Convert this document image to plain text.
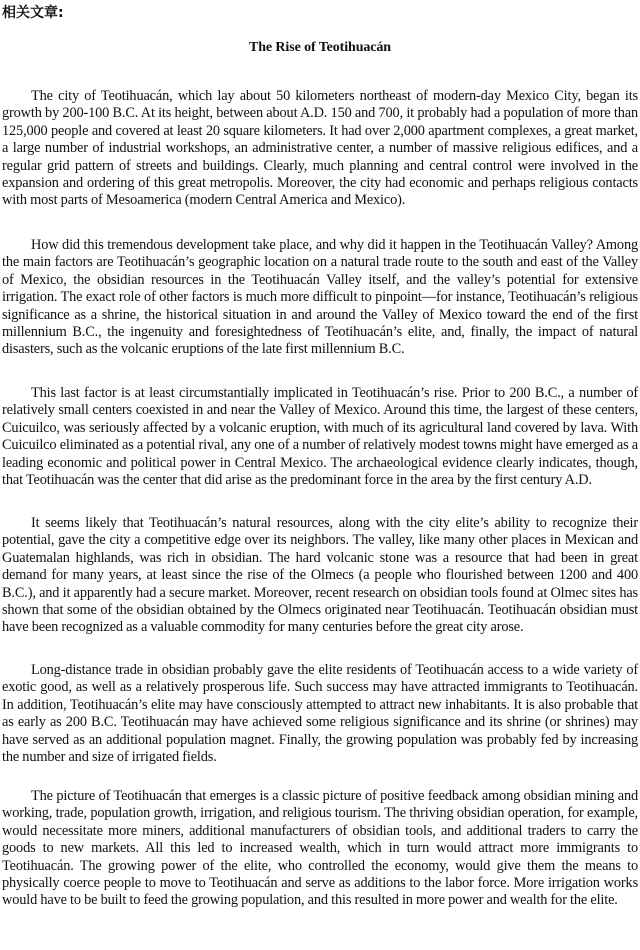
相关文章:
The Rise of Teotihuacán

The city of Teotihuacán, which lay about 50 kilometers northeast of modern-day Mexico City, began its growth by 200-100 B.C. At its height, between about A.D. 150 and 700, it probably had a population of more than 125,000 people and covered at least 20 square kilometers. It had over 2,000 apartment complexes, a great market, a large number of industrial workshops, an administrative center, a number of massive religious edifices, and a regular grid pattern of streets and buildings. Clearly, much planning and central control were involved in the expansion and ordering of this great metropolis. Moreover, the city had economic and perhaps religious contacts with most parts of Mesoamerica (modern Central America and Mexico).

How did this tremendous development take place, and why did it happen in the Teotihuacán Valley? Among the main factors are Teotihuacán’s geographic location on a natural trade route to the south and east of the Valley of Mexico, the obsidian resources in the Teotihuacán Valley itself, and the valley’s potential for extensive irrigation. The exact role of other factors is much more difficult to pinpoint—for instance, Teotihuacán’s religious significance as a shrine, the historical situation in and around the Valley of Mexico toward the end of the first millennium B.C., the ingenuity and foresightedness of Teotihuacán’s elite, and, finally, the impact of natural disasters, such as the volcanic eruptions of the late first millennium B.C.

This last factor is at least circumstantially implicated in Teotihuacán’s rise. Prior to 200 B.C., a number of relatively small centers coexisted in and near the Valley of Mexico. Around this time, the largest of these centers, Cuicuilco, was seriously affected by a volcanic eruption, with much of its agricultural land covered by lava. With Cuicuilco eliminated as a potential rival, any one of a number of relatively modest towns might have emerged as a leading economic and political power in Central Mexico. The archaeological evidence clearly indicates, though, that Teotihuacán was the center that did arise as the predominant force in the area by the first century A.D.

It seems likely that Teotihuacán’s natural resources, along with the city elite’s ability to recognize their potential, gave the city a competitive edge over its neighbors. The valley, like many other places in Mexican and Guatemalan highlands, was rich in obsidian. The hard volcanic stone was a resource that had been in great demand for many years, at least since the rise of the Olmecs (a people who flourished between 1200 and 400 B.C.), and it apparently had a secure market. Moreover, recent research on obsidian tools found at Olmec sites has shown that some of the obsidian obtained by the Olmecs originated near Teotihuacán. Teotihuacán obsidian must have been recognized as a valuable commodity for many centuries before the great city arose.

Long-distance trade in obsidian probably gave the elite residents of Teotihuacán access to a wide variety of exotic good, as well as a relatively prosperous life. Such success may have attracted immigrants to Teotihuacán. In addition, Teotihuacán’s elite may have consciously attempted to attract new inhabitants. It is also probable that as early as 200 B.C. Teotihuacán may have achieved some religious significance and its shrine (or shrines) may have served as an additional population magnet. Finally, the growing population was probably fed by increasing the number and size of irrigated fields.

The picture of Teotihuacán that emerges is a classic picture of positive feedback among obsidian mining and working, trade, population growth, irrigation, and religious tourism. The thriving obsidian operation, for example, would necessitate more miners, additional manufacturers of obsidian tools, and additional traders to carry the goods to new markets. All this led to increased wealth, which in turn would attract more immigrants to Teotihuacán. The growing power of the elite, who controlled the economy, would give them the means to physically coerce people to move to Teotihuacán and serve as additions to the labor force. More irrigation works would have to be built to feed the growing population, and this resulted in more power and wealth for the elite.
